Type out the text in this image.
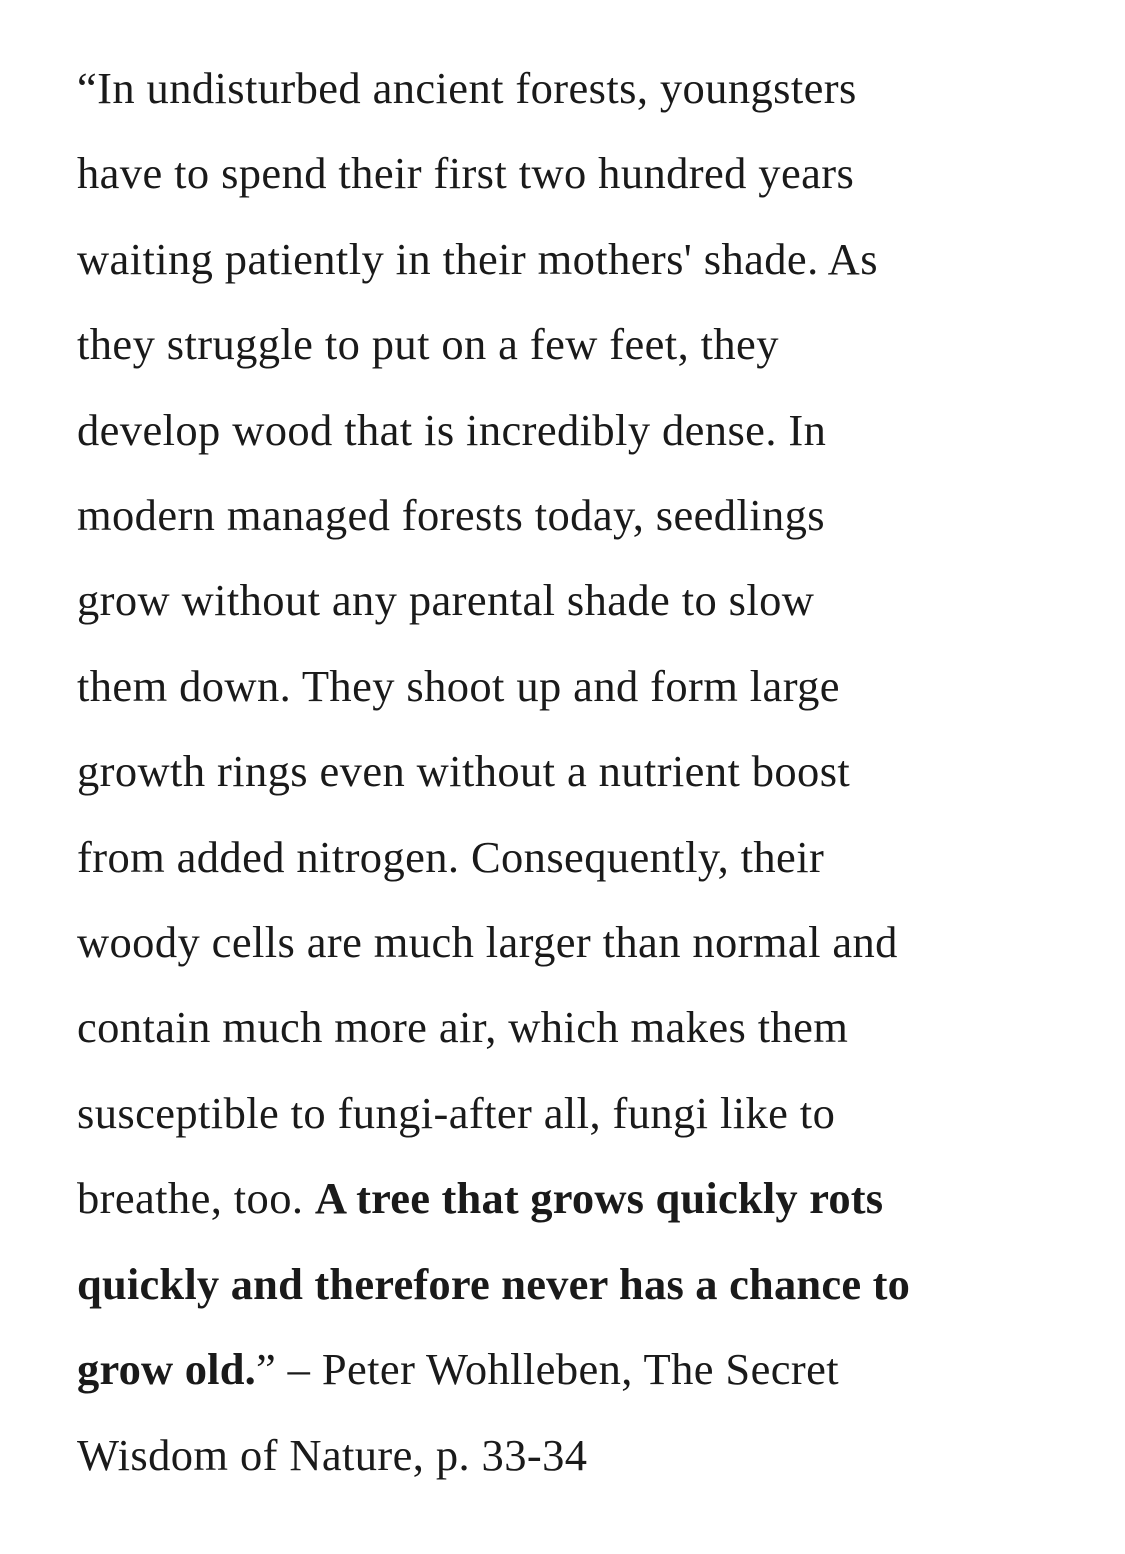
“In undisturbed ancient forests, youngsters
have to spend their first two hundred years
waiting patiently in their mothers' shade. As
they struggle to put on a few feet, they
develop wood that is incredibly dense. In
modern managed forests today, seedlings
grow without any parental shade to slow
them down. They shoot up and form large
growth rings even without a nutrient boost
from added nitrogen. Consequently, their
woody cells are much larger than normal and
contain much more air, which makes them
susceptible to fungi-after all, fungi like to
breathe, too. A tree that grows quickly rots
quickly and therefore never has a chance to
grow old.” – Peter Wohlleben, The Secret
Wisdom of Nature, p. 33-34
